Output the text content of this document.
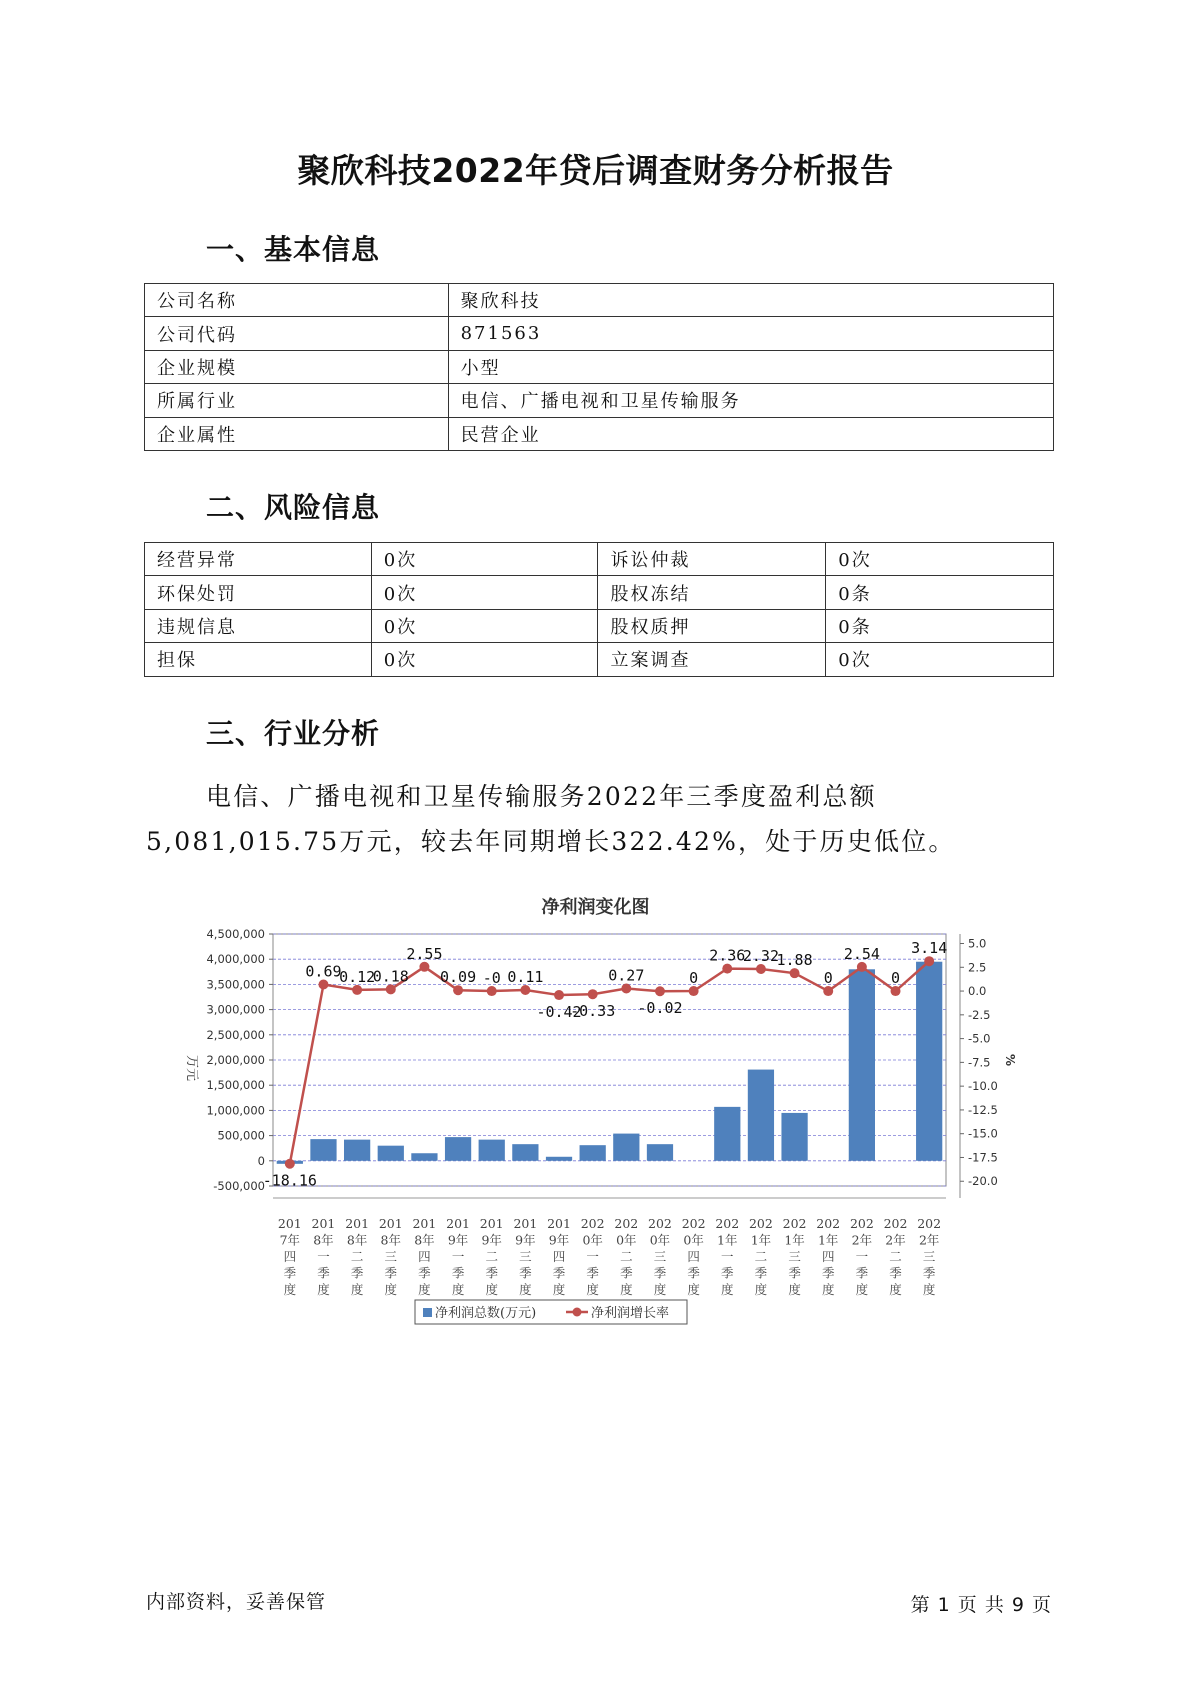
聚欣科技2022年贷后调查财务分析报告
一、基本信息
公司名称	聚欣科技
公司代码	871563
企业规模	小型
所属行业	电信、广播电视和卫星传输服务
企业属性	民营企业
二、风险信息
经营异常	0次	诉讼仲裁	0次
环保处罚	0次	股权冻结	0条
违规信息	0次	股权质押	0条
担保	0次	立案调查	0次
三、行业分析
电信、广播电视和卫星传输服务2022年三季度盈利总额5,081,015.75万元，较去年同期增长322.42%，处于历史低位。
净利润变化图
-500,000
0
500,000
1,000,000
1,500,000
2,000,000
2,500,000
3,000,000
3,500,000
4,000,000
4,500,000
万元
5.0
2.5
0.0
-2.5
-5.0
-7.5
-10.0
-12.5
-15.0
-17.5
-20.0
%
-18.16
0.69
0.12
0.18
2.55
0.09 -0 0.11
-0.42
-0.33
0.27
-0.02
0
2.36
2.32
1.88
0
2.54
0
3.14
201 7年四季度
201 8年一季度
201 8年二季度
201 8年三季度
201 8年四季度
201 9年一季度
201 9年二季度
201 9年三季度
201 9年四季度
202 0年一季度
202 0年二季度
202 0年三季度
202 0年四季度
202 1年一季度
202 1年二季度
202 1年三季度
202 1年四季度
202 2年一季度
202 2年二季度
202 2年三季度
净利润总数(万元)	净利润增长率
内部资料，妥善保管	第 1 页 共 9 页
